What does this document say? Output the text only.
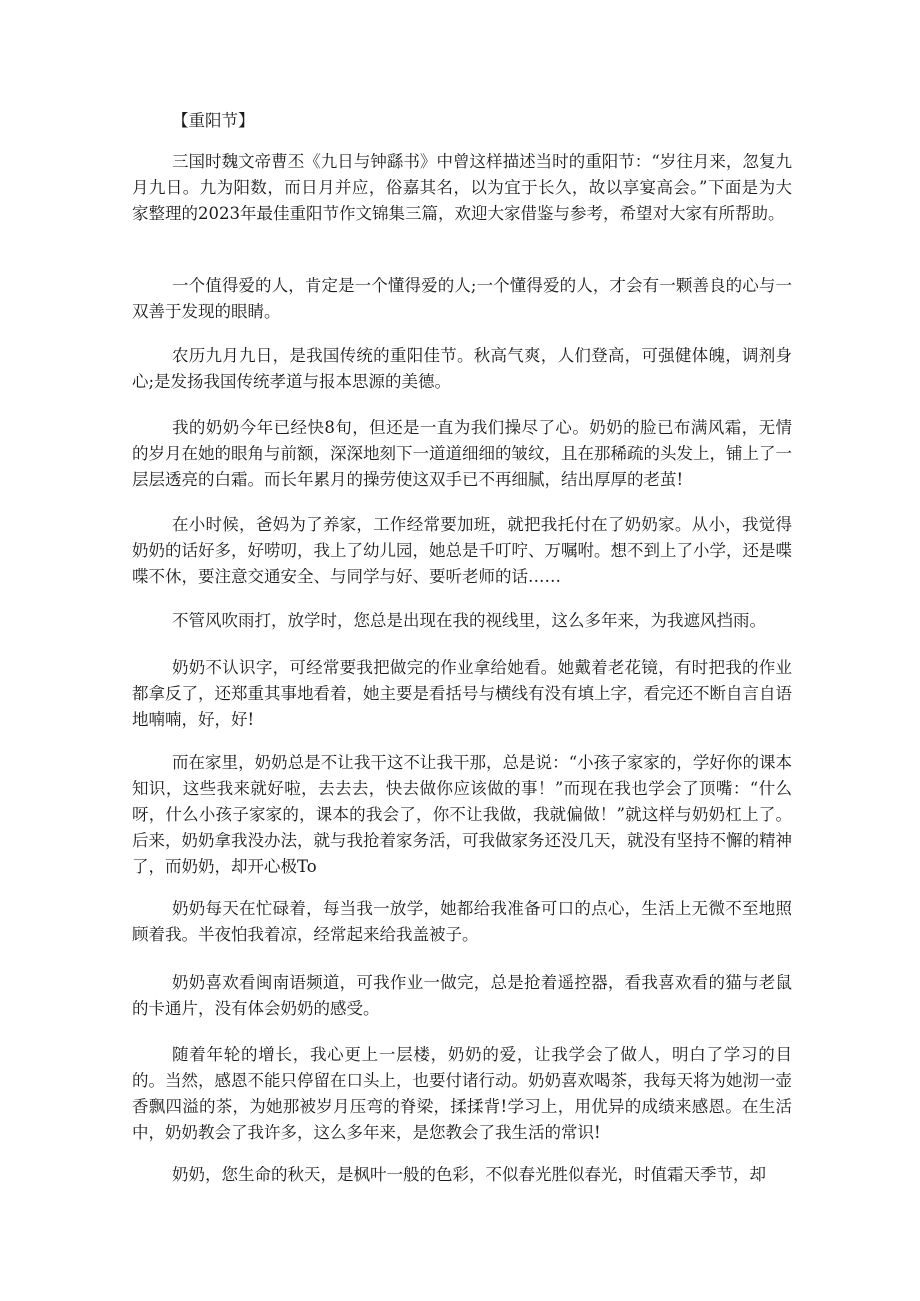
【重阳节】

三国时魏文帝曹丕《九日与钟繇书》中曾这样描述当时的重阳节：“岁往月来，忽复九月九日。九为阳数，而日月并应，俗嘉其名，以为宜于长久，故以享宴高会。”下面是为大家整理的2023年最佳重阳节作文锦集三篇，欢迎大家借鉴与参考，希望对大家有所帮助。

一个值得爱的人，肯定是一个懂得爱的人;一个懂得爱的人，才会有一颗善良的心与一双善于发现的眼睛。

农历九月九日，是我国传统的重阳佳节。秋高气爽，人们登高，可强健体魄，调剂身心;是发扬我国传统孝道与报本思源的美德。

我的奶奶今年已经快8旬，但还是一直为我们操尽了心。奶奶的脸已布满风霜，无情的岁月在她的眼角与前额，深深地刻下一道道细细的皱纹，且在那稀疏的头发上，铺上了一层层透亮的白霜。而长年累月的操劳使这双手已不再细腻，结出厚厚的老茧!

在小时候，爸妈为了养家，工作经常要加班，就把我托付在了奶奶家。从小，我觉得奶奶的话好多，好唠叨，我上了幼儿园，她总是千叮咛、万嘱咐。想不到上了小学，还是喋喋不休，要注意交通安全、与同学与好、要听老师的话……

不管风吹雨打，放学时，您总是出现在我的视线里，这么多年来，为我遮风挡雨。

奶奶不认识字，可经常要我把做完的作业拿给她看。她戴着老花镜，有时把我的作业都拿反了，还郑重其事地看着，她主要是看括号与横线有没有填上字，看完还不断自言自语地喃喃，好，好!

而在家里，奶奶总是不让我干这不让我干那，总是说：“小孩子家家的，学好你的课本知识，这些我来就好啦，去去去，快去做你应该做的事！”而现在我也学会了顶嘴：“什么呀，什么小孩子家家的，课本的我会了，你不让我做，我就偏做！”就这样与奶奶杠上了。后来，奶奶拿我没办法，就与我抢着家务活，可我做家务还没几天，就没有坚持不懈的精神了，而奶奶，却开心极To

奶奶每天在忙碌着，每当我一放学，她都给我准备可口的点心，生活上无微不至地照顾着我。半夜怕我着凉，经常起来给我盖被子。

奶奶喜欢看闽南语频道，可我作业一做完，总是抢着遥控器，看我喜欢看的猫与老鼠的卡通片，没有体会奶奶的感受。

随着年轮的增长，我心更上一层楼，奶奶的爱，让我学会了做人，明白了学习的目的。当然，感恩不能只停留在口头上，也要付诸行动。奶奶喜欢喝茶，我每天将为她沏一壶香飘四溢的茶，为她那被岁月压弯的脊梁，揉揉背!学习上，用优异的成绩来感恩。在生活中，奶奶教会了我许多，这么多年来，是您教会了我生活的常识!

奶奶，您生命的秋天，是枫叶一般的色彩，不似春光胜似春光，时值霜天季节，却
